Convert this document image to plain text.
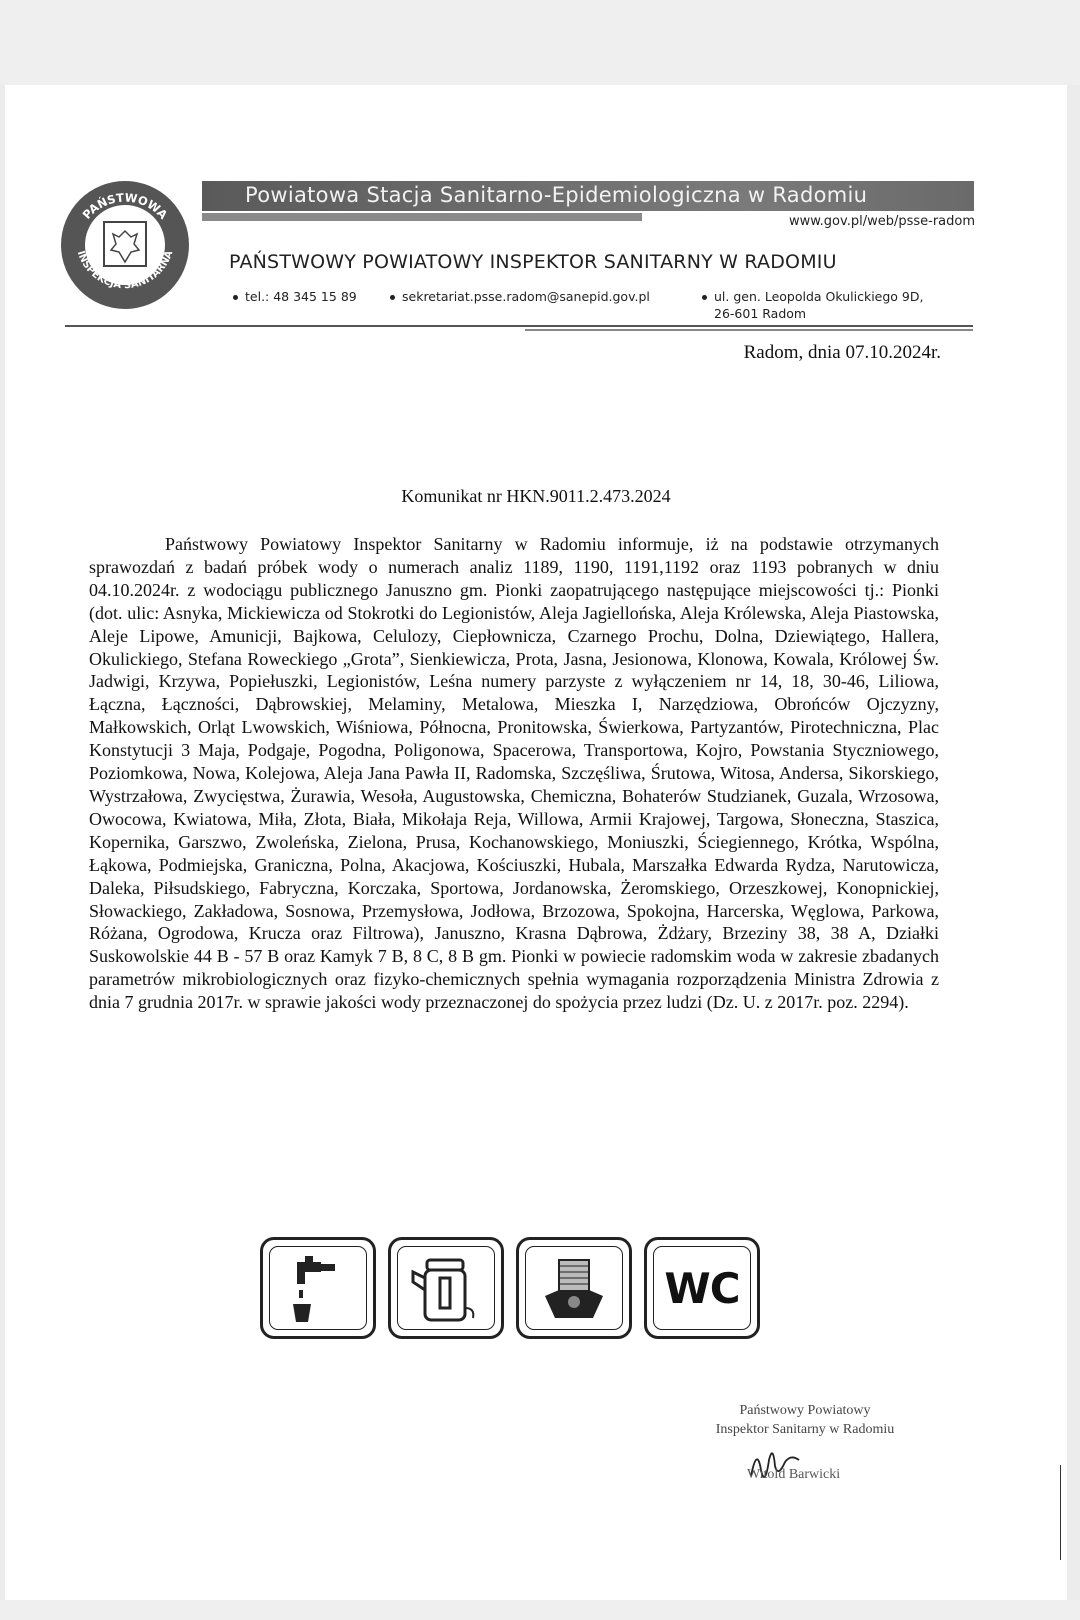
PAŃSTWOWA
INSPEKCJA SANITARNA
Powiatowa Stacja Sanitarno-Epidemiologiczna w Radomiu
www.gov.pl/web/psse-radom
PAŃSTWOWY POWIATOWY INSPEKTOR SANITARNY W RADOMIU
tel.: 48 345 15 89	sekretariat.psse.radom@sanepid.gov.pl	ul. gen. Leopolda Okulickiego 9D,
26-601 Radom
Radom, dnia 07.10.2024r.
Komunikat nr HKN.9011.2.473.2024
Państwowy Powiatowy Inspektor Sanitarny w Radomiu informuje, iż na podstawie otrzymanych sprawozdań z badań próbek wody o numerach analiz 1189, 1190, 1191,1192 oraz 1193 pobranych w dniu 04.10.2024r. z wodociągu publicznego Januszno gm. Pionki zaopatrującego następujące miejscowości tj.: Pionki (dot. ulic: Asnyka, Mickiewicza od Stokrotki do Legionistów, Aleja Jagiellońska, Aleja Królewska, Aleja Piastowska, Aleje Lipowe, Amunicji, Bajkowa, Celulozy, Ciepłownicza, Czarnego Prochu, Dolna, Dziewiątego, Hallera, Okulickiego, Stefana Roweckiego „Grota”, Sienkiewicza, Prota, Jasna, Jesionowa, Klonowa, Kowala, Królowej Św. Jadwigi, Krzywa, Popiełuszki, Legionistów, Leśna numery parzyste z wyłączeniem nr 14, 18, 30-46, Liliowa, Łączna, Łączności, Dąbrowskiej, Melaminy, Metalowa, Mieszka I, Narzędziowa, Obrońców Ojczyzny, Małkowskich, Orląt Lwowskich, Wiśniowa, Północna, Pronitowska, Świerkowa, Partyzantów, Pirotechniczna, Plac Konstytucji 3 Maja, Podgaje, Pogodna, Poligonowa, Spacerowa, Transportowa, Kojro, Powstania Styczniowego, Poziomkowa, Nowa, Kolejowa, Aleja Jana Pawła II, Radomska, Szczęśliwa, Śrutowa, Witosa, Andersa, Sikorskiego, Wystrzałowa, Zwycięstwa, Żurawia, Wesoła, Augustowska, Chemiczna, Bohaterów Studzianek, Guzala, Wrzosowa, Owocowa, Kwiatowa, Miła, Złota, Biała, Mikołaja Reja, Willowa, Armii Krajowej, Targowa, Słoneczna, Staszica, Kopernika, Garszwo, Zwoleńska, Zielona, Prusa, Kochanowskiego, Moniuszki, Ściegiennego, Krótka, Wspólna, Łąkowa, Podmiejska, Graniczna, Polna, Akacjowa, Kościuszki, Hubala, Marszałka Edwarda Rydza, Narutowicza, Daleka, Piłsudskiego, Fabryczna, Korczaka, Sportowa, Jordanowska, Żeromskiego, Orzeszkowej, Konopnickiej, Słowackiego, Zakładowa, Sosnowa, Przemysłowa, Jodłowa, Brzozowa, Spokojna, Harcerska, Węglowa, Parkowa, Różana, Ogrodowa, Krucza oraz Filtrowa), Januszno, Krasna Dąbrowa, Żdżary, Brzeziny 38, 38 A, Działki Suskowolskie 44 B - 57 B oraz Kamyk 7 B, 8 C, 8 B gm. Pionki w powiecie radomskim woda w zakresie zbadanych parametrów mikrobiologicznych oraz fizyko-chemicznych spełnia wymagania rozporządzenia Ministra Zdrowia z dnia 7 grudnia 2017r. w sprawie jakości wody przeznaczonej do spożycia przez ludzi (Dz. U. z 2017r. poz. 2294).
WC
Państwowy Powiatowy
Inspektor Sanitarny w Radomiu
Witold Barwicki
